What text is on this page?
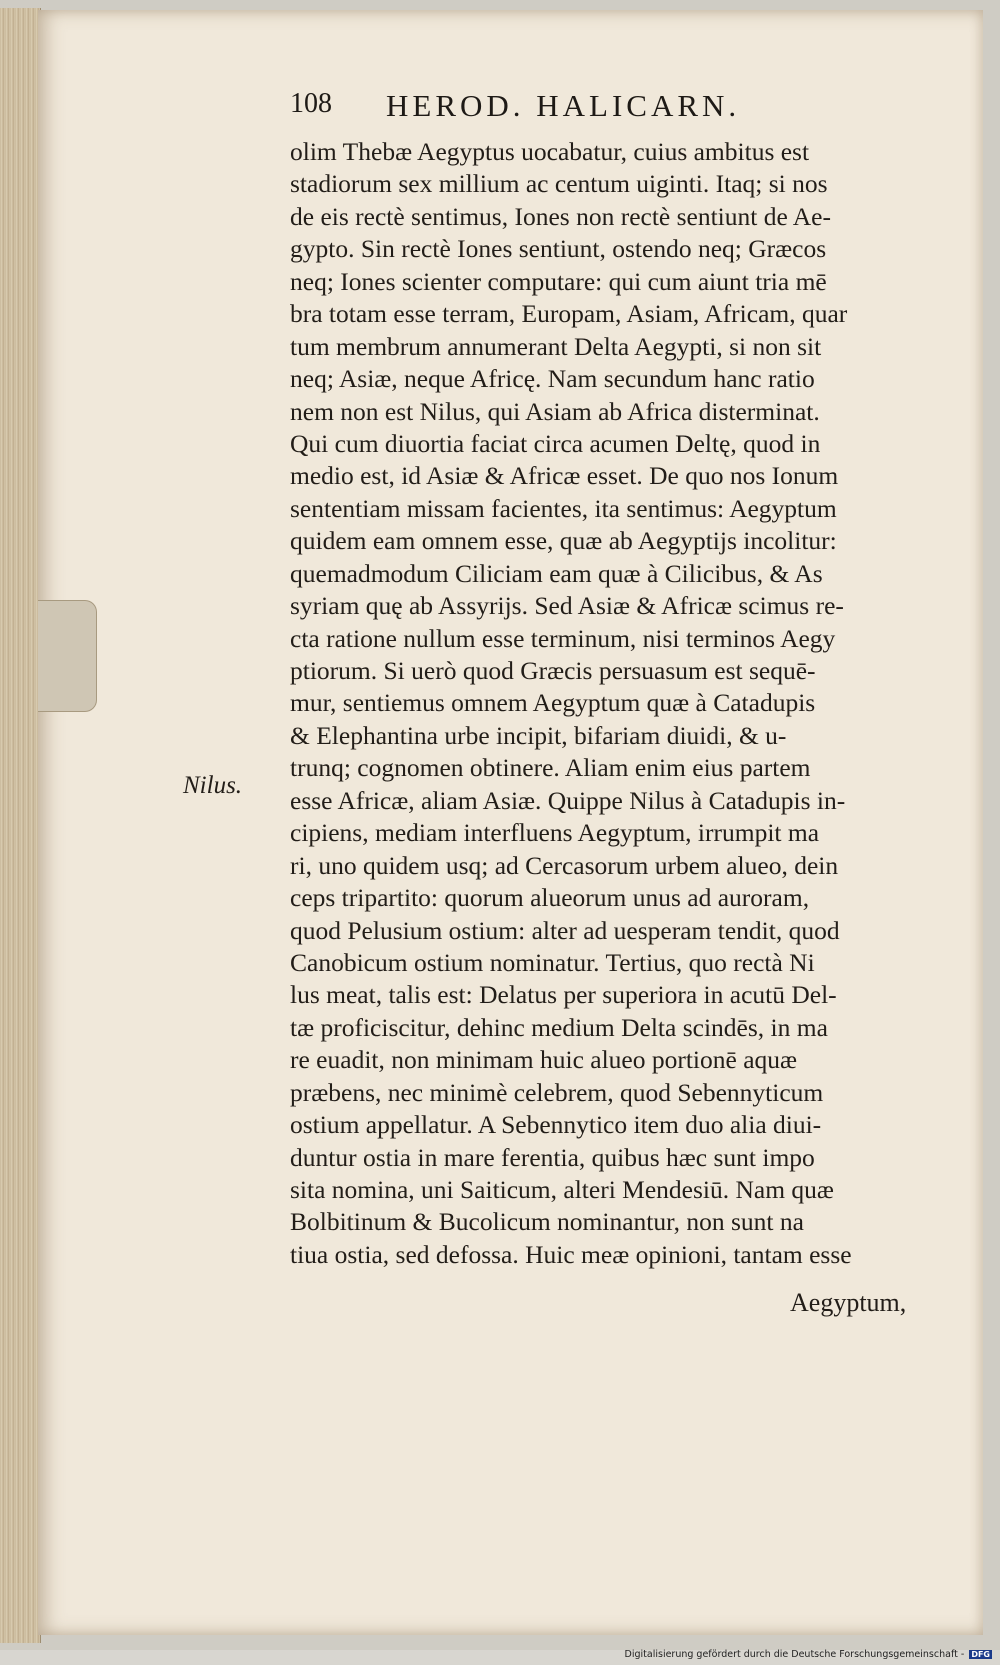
108 HEROD. HALICARN.
Nilus.
olim Thebæ Aegyptus uocabatur, cuius ambitus est
stadiorum sex millium ac centum uiginti. Itaq; si nos
de eis rectè sentimus, Iones non rectè sentiunt de Ae-
gypto. Sin rectè Iones sentiunt, ostendo neq; Græcos
neq; Iones scienter computare: qui cum aiunt tria mē
bra totam esse terram, Europam, Asiam, Africam, quar
tum membrum annumerant Delta Aegypti, si non sit
neq; Asiæ, neque Africę. Nam secundum hanc ratio
nem non est Nilus, qui Asiam ab Africa disterminat.
Qui cum diuortia faciat circa acumen Deltę, quod in
medio est, id Asiæ & Africæ esset. De quo nos Ionum
sententiam missam facientes, ita sentimus: Aegyptum
quidem eam omnem esse, quæ ab Aegyptijs incolitur:
quemadmodum Ciliciam eam quæ à Cilicibus, & As
syriam quę ab Assyrijs. Sed Asiæ & Africæ scimus re-
cta ratione nullum esse terminum, nisi terminos Aegy
ptiorum. Si uerò quod Græcis persuasum est sequē-
mur, sentiemus omnem Aegyptum quæ à Catadupis
& Elephantina urbe incipit, bifariam diuidi, & u-
trunq; cognomen obtinere. Aliam enim eius partem
esse Africæ, aliam Asiæ. Quippe Nilus à Catadupis in-
cipiens, mediam interfluens Aegyptum, irrumpit ma
ri, uno quidem usq; ad Cercasorum urbem alueo, dein
ceps tripartito: quorum alueorum unus ad auroram,
quod Pelusium ostium: alter ad uesperam tendit, quod
Canobicum ostium nominatur. Tertius, quo rectà Ni
lus meat, talis est: Delatus per superiora in acutū Del-
tæ proficiscitur, dehinc medium Delta scindēs, in ma
re euadit, non minimam huic alueo portionē aquæ
præbens, nec minimè celebrem, quod Sebennyticum
ostium appellatur. A Sebennytico item duo alia diui-
duntur ostia in mare ferentia, quibus hæc sunt impo
sita nomina, uni Saiticum, alteri Mendesiū. Nam quæ
Bolbitinum & Bucolicum nominantur, non sunt na
tiua ostia, sed defossa. Huic meæ opinioni, tantam esse
Aegyptum,
Digitalisierung gefördert durch die Deutsche Forschungsgemeinschaft - DFG
